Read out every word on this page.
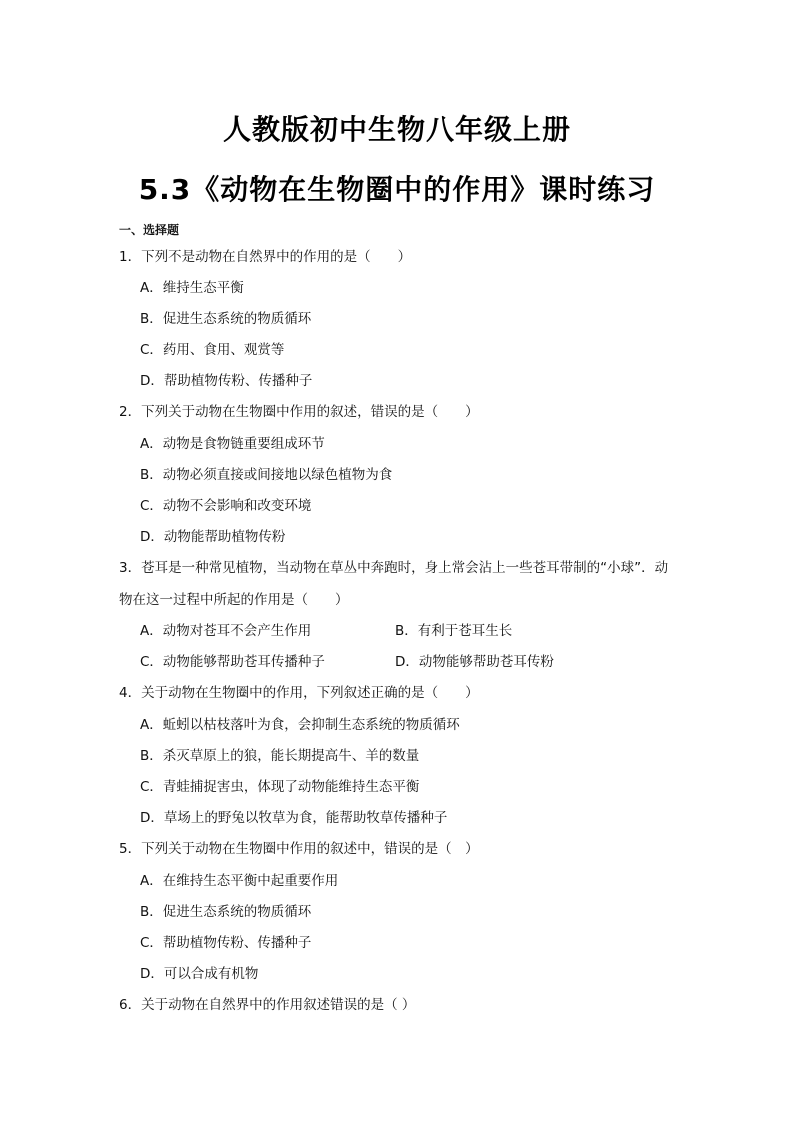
人教版初中生物八年级上册
5.3《动物在生物圈中的作用》课时练习
一、选择题
1．下列不是动物在自然界中的作用的是（　　）
A．维持生态平衡
B．促进生态系统的物质循环
C．药用、食用、观赏等
D．帮助植物传粉、传播种子
2．下列关于动物在生物圈中作用的叙述，错误的是（　　）
A．动物是食物链重要组成环节
B．动物必须直接或间接地以绿色植物为食
C．动物不会影响和改变环境
D．动物能帮助植物传粉
3．苍耳是一种常见植物，当动物在草丛中奔跑时，身上常会沾上一些苍耳带制的“小球”．动
物在这一过程中所起的作用是（　　）
A．动物对苍耳不会产生作用	B．有利于苍耳生长
C．动物能够帮助苍耳传播种子	D．动物能够帮助苍耳传粉
4．关于动物在生物圈中的作用，下列叙述正确的是（　　）
A．蚯蚓以枯枝落叶为食，会抑制生态系统的物质循环
B．杀灭草原上的狼，能长期提高牛、羊的数量
C．青蛙捕捉害虫，体现了动物能维持生态平衡
D．草场上的野兔以牧草为食，能帮助牧草传播种子
5．下列关于动物在生物圈中作用的叙述中，错误的是（　）
A．在维持生态平衡中起重要作用
B．促进生态系统的物质循环
C．帮助植物传粉、传播种子
D．可以合成有机物
6．关于动物在自然界中的作用叙述错误的是（ ）
